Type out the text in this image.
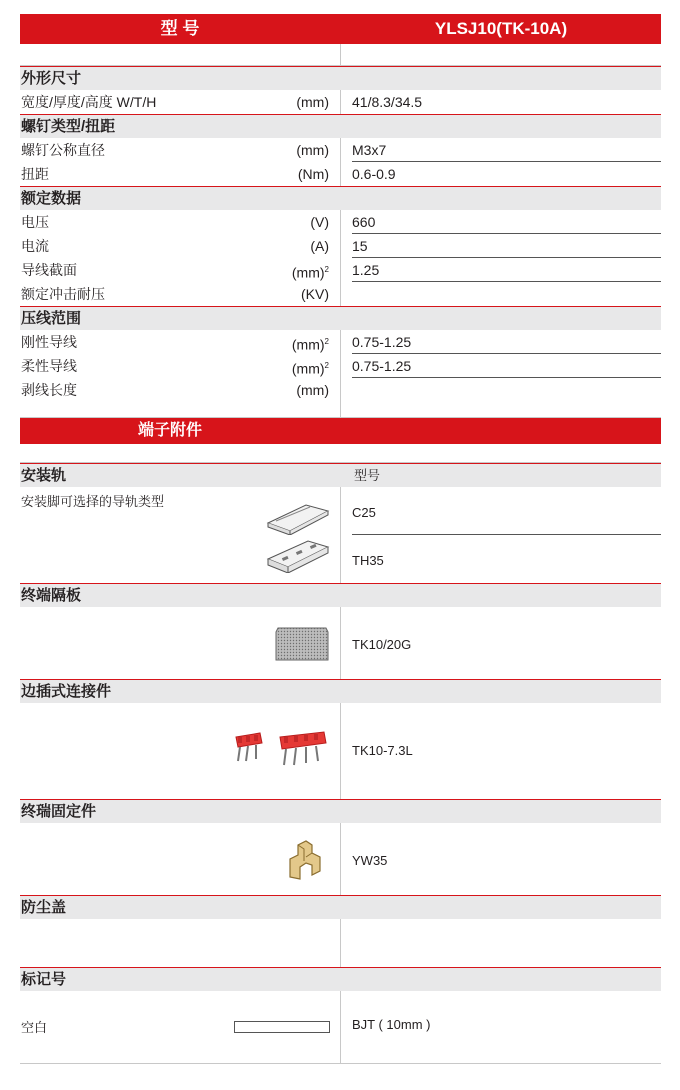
型 号	YLSJ10(TK-10A)
外形尺寸
宽度/厚度/高度 W/T/H	(mm) 41/8.3/34.5
螺钉类型/扭距
螺钉公称直径	(mm) M3x7
扭距	(Nm) 0.6-0.9
额定数据
电压	(V) 660
电流	(A) 15
导线截面	(mm)$^2$ 1.25
额定冲击耐压	(KV)
压线范围
刚性导线	(mm)$^2$ 0.75-1.25
柔性导线	(mm)$^2$ 0.75-1.25
剥线长度	(mm)
端子附件
安装轨	型号
安装脚可选择的导轨类型
C25
TH35
终端隔板
TK10/20G
边插式连接件
TK10-7.3L
终瑞固定件
YW35
防尘盖
标记号
空白	BJT ( 10mm )
